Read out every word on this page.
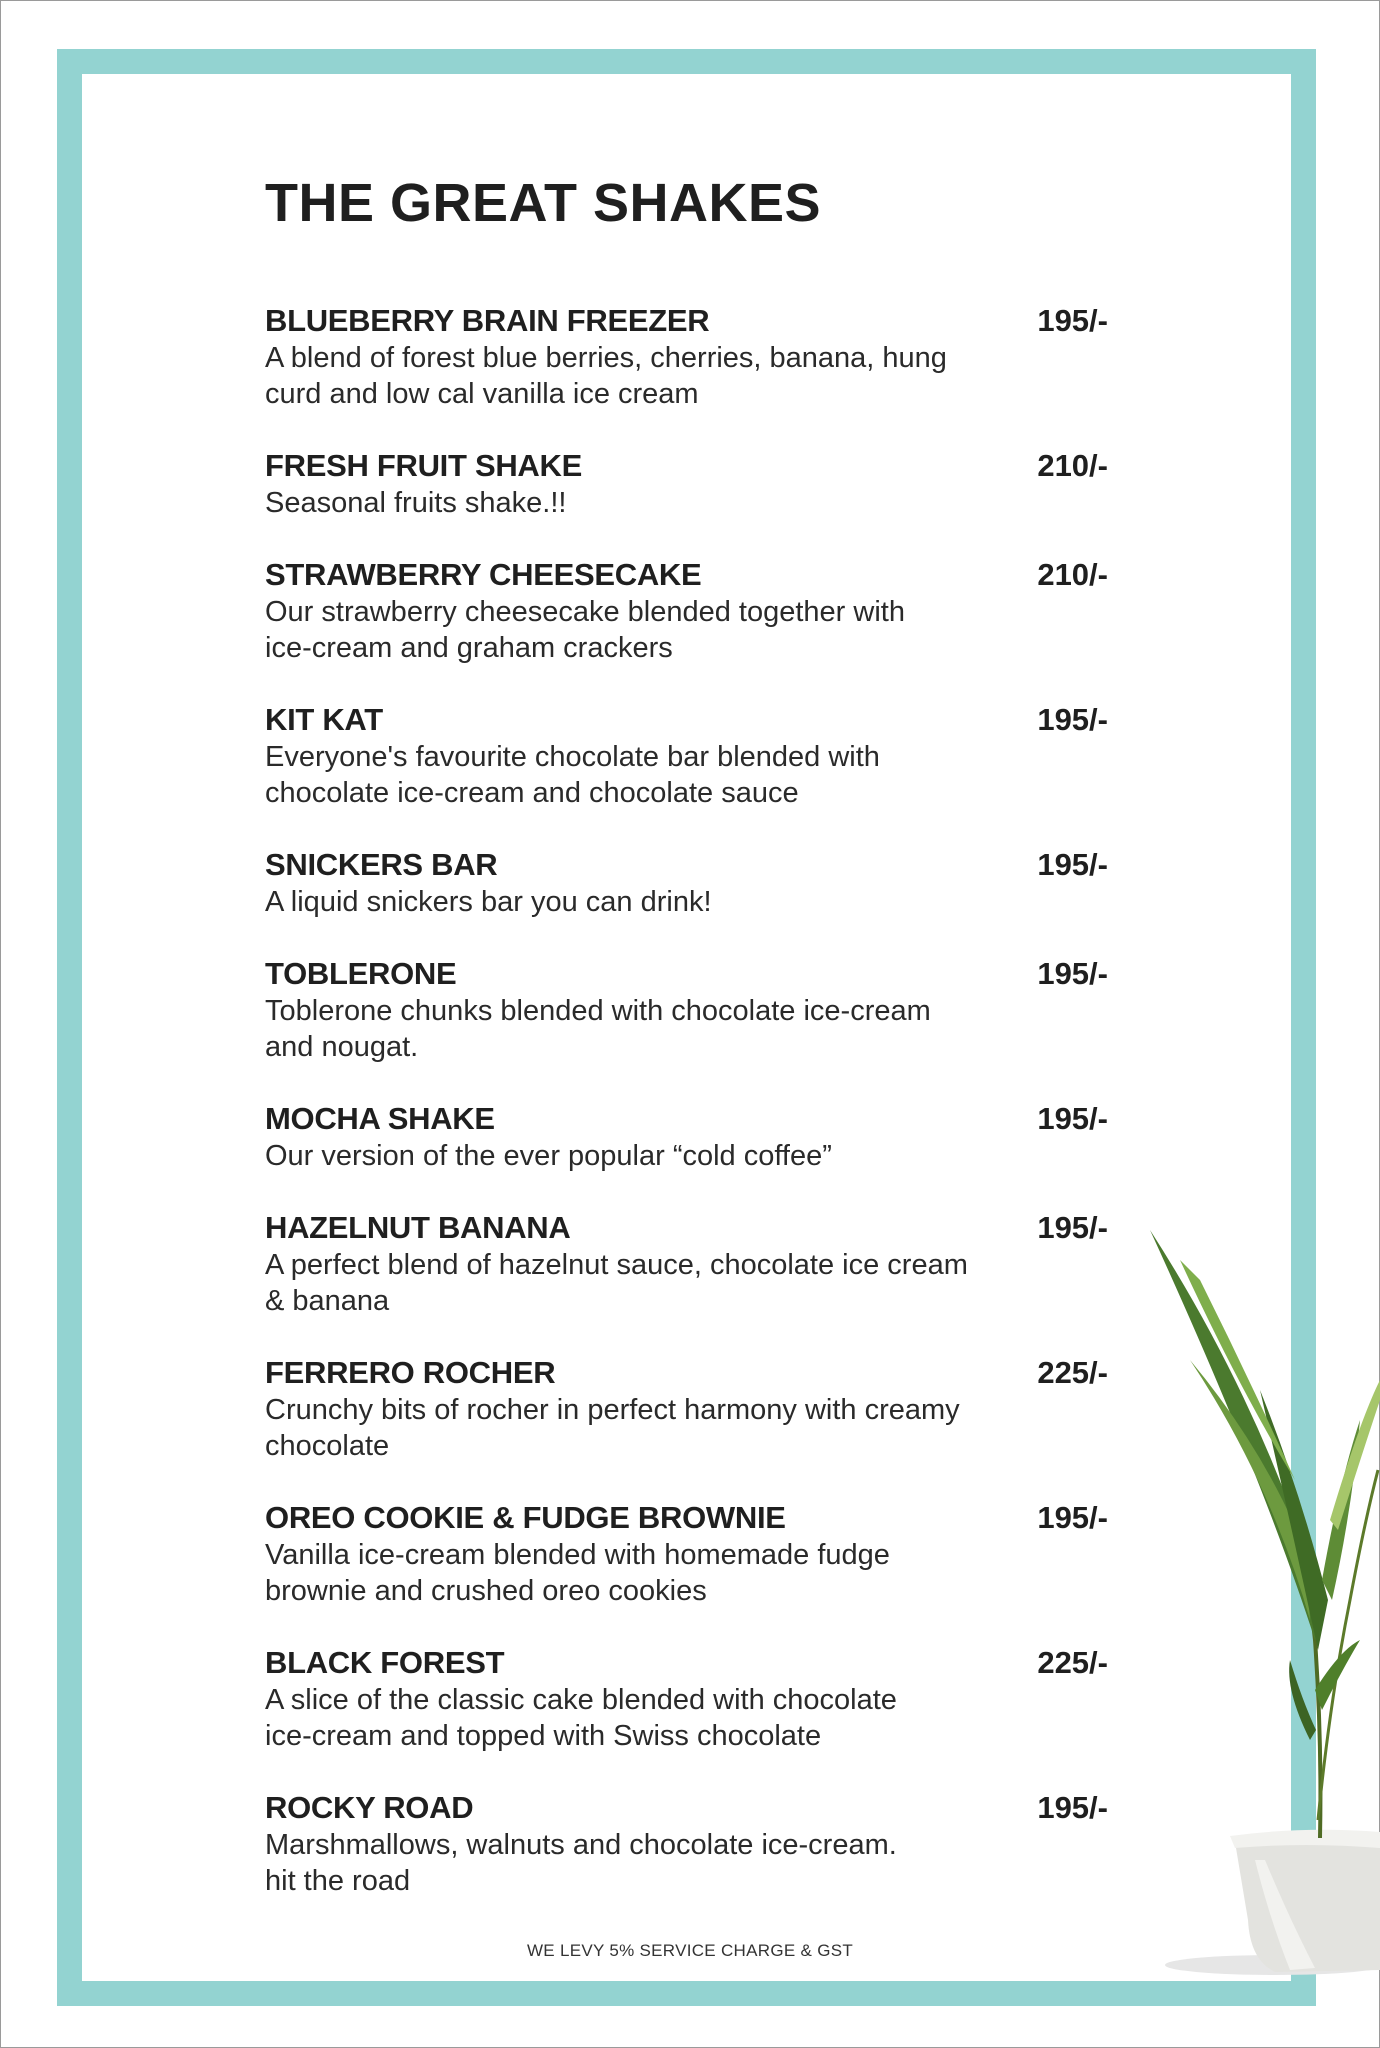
THE GREAT SHAKES
BLUEBERRY BRAIN FREEZER	195/-
A blend of forest blue berries, cherries, banana, hung
curd and low cal vanilla ice cream
FRESH FRUIT SHAKE	210/-
Seasonal fruits shake.!!
STRAWBERRY CHEESECAKE	210/-
Our strawberry cheesecake blended together with
ice-cream and graham crackers
KIT KAT	195/-
Everyone's favourite chocolate bar blended with
chocolate ice-cream and chocolate sauce
SNICKERS BAR	195/-
A liquid snickers bar you can drink!
TOBLERONE	195/-
Toblerone chunks blended with chocolate ice-cream
and nougat.
MOCHA SHAKE	195/-
Our version of the ever popular “cold coffee”
HAZELNUT BANANA	195/-
A perfect blend of hazelnut sauce, chocolate ice cream
& banana
FERRERO ROCHER	225/-
Crunchy bits of rocher in perfect harmony with creamy
chocolate
OREO COOKIE & FUDGE BROWNIE	195/-
Vanilla ice-cream blended with homemade fudge
brownie and crushed oreo cookies
BLACK FOREST	225/-
A slice of the classic cake blended with chocolate
ice-cream and topped with Swiss chocolate
ROCKY ROAD	195/-
Marshmallows, walnuts and chocolate ice-cream.
hit the road
WE LEVY 5% SERVICE CHARGE & GST
